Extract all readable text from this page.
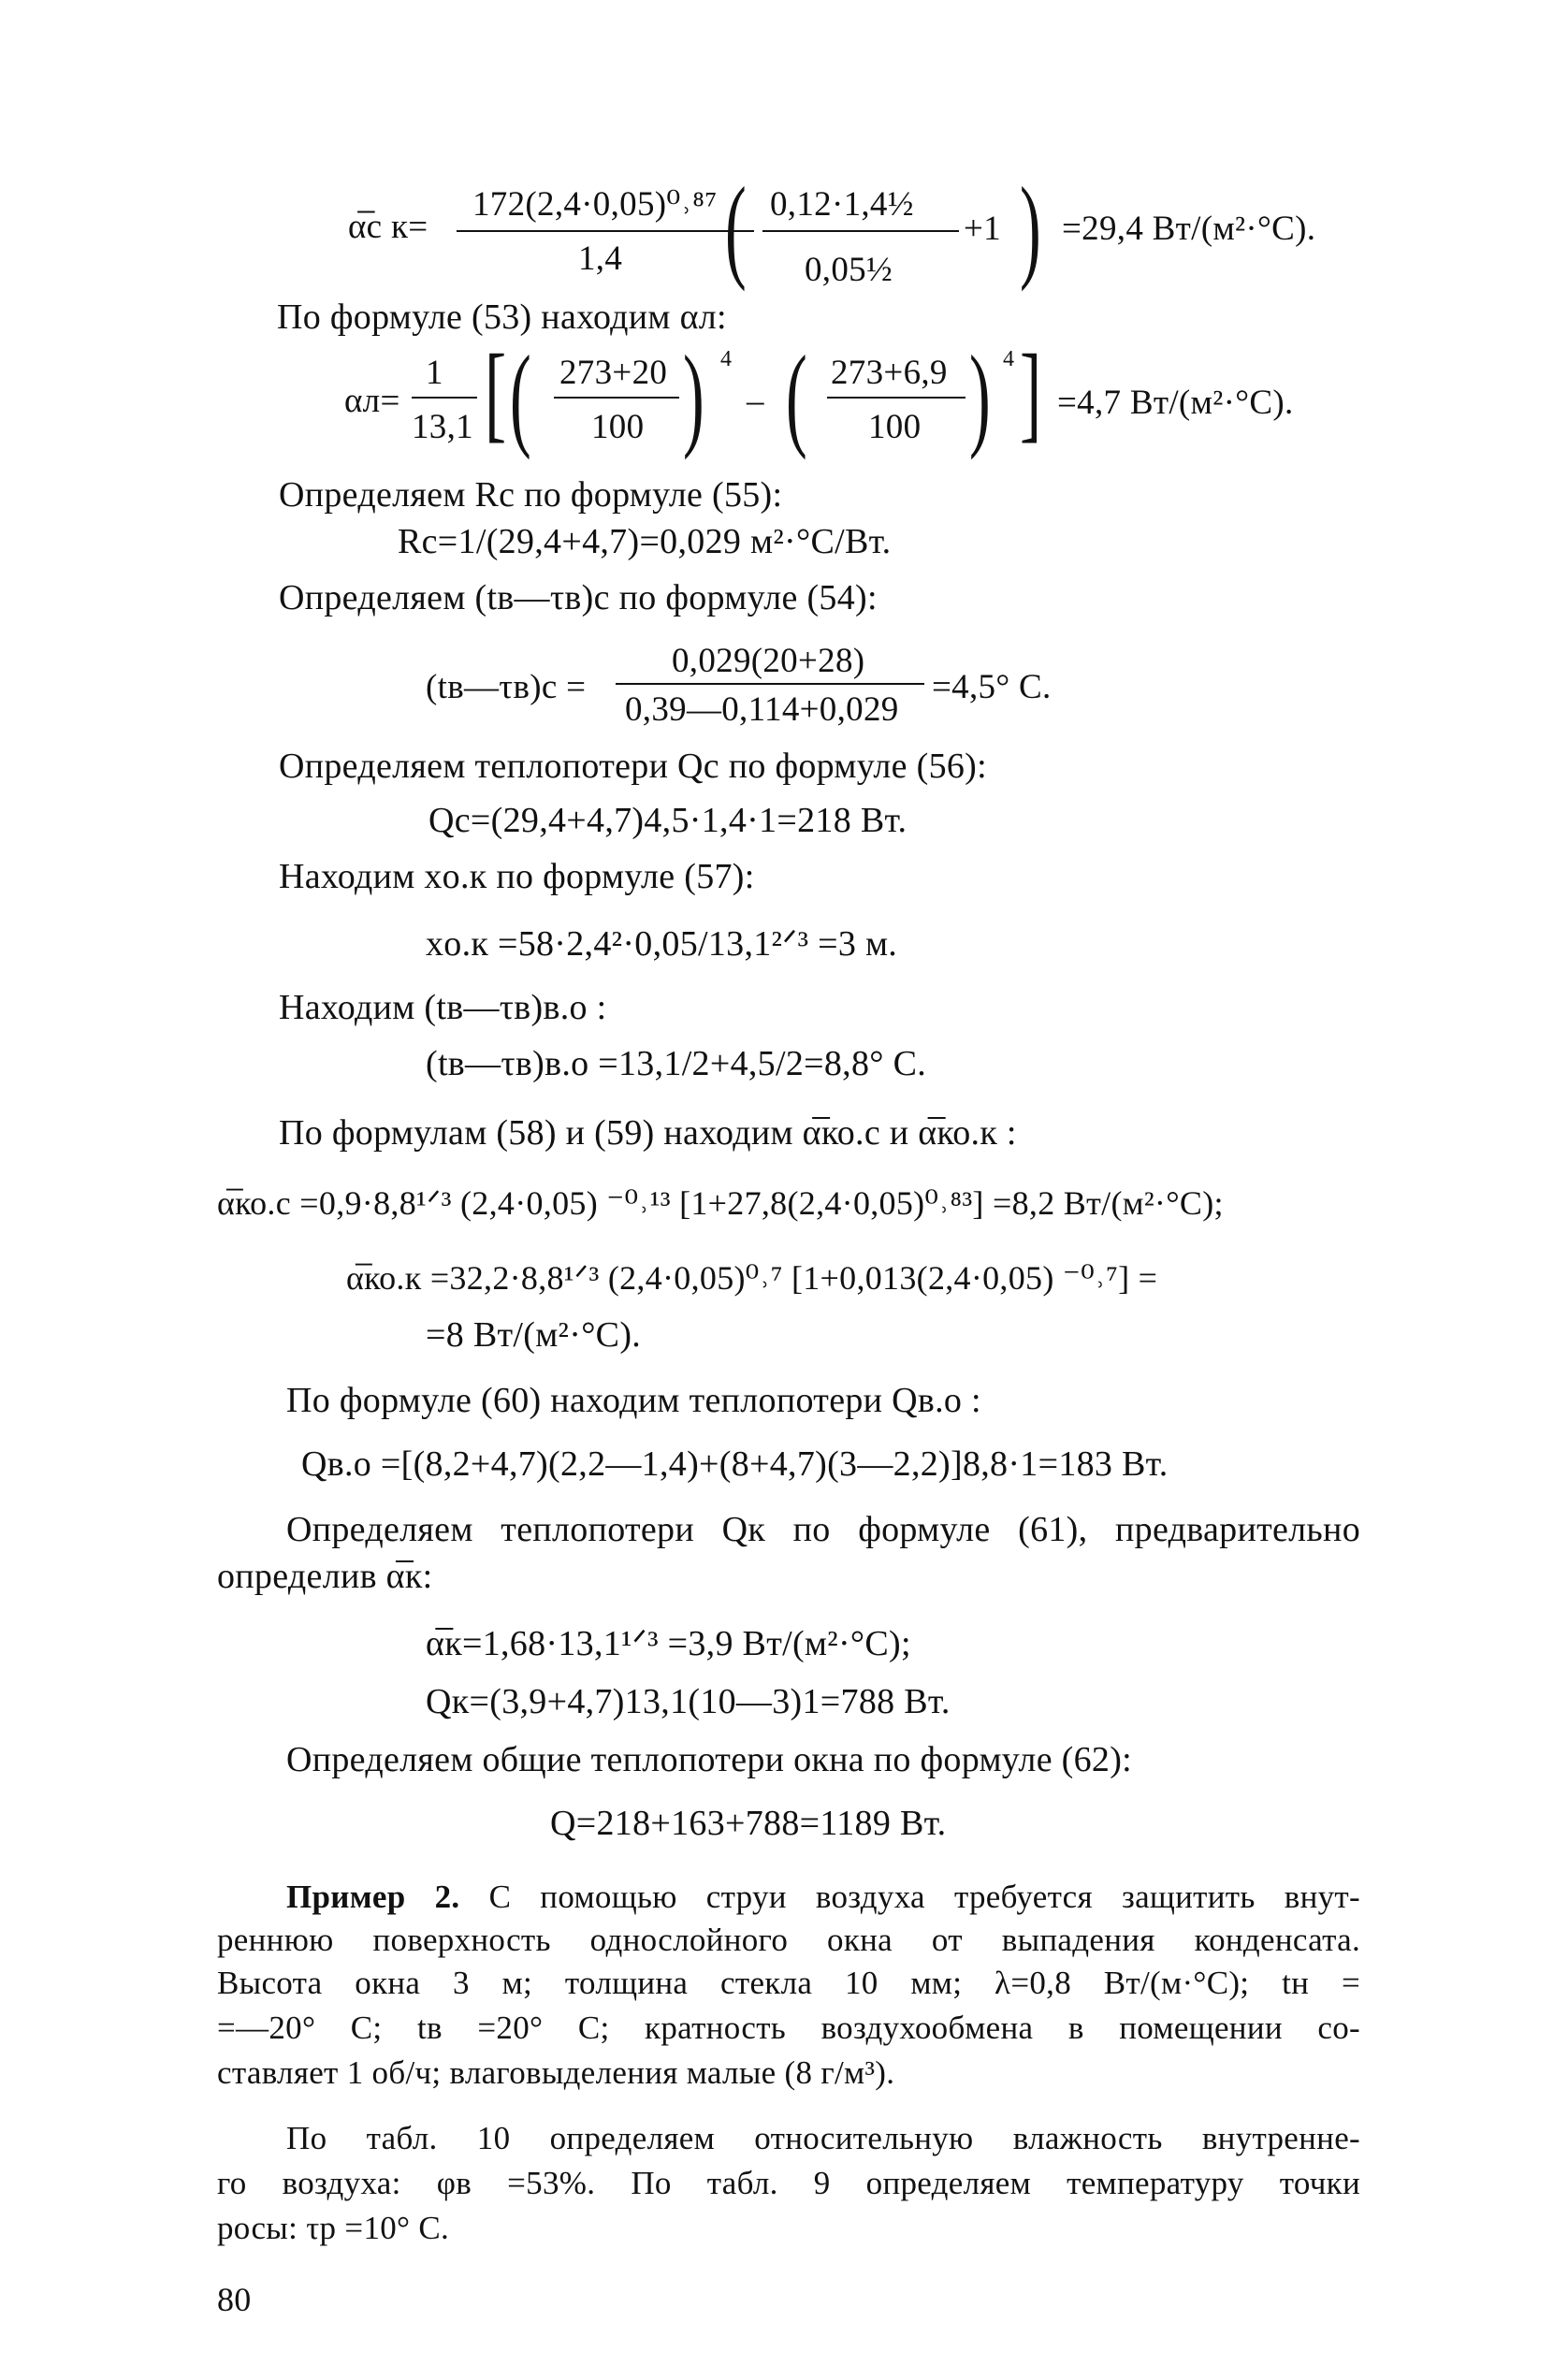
α̅с к=
172(2,4·0,05)⁰˒⁸⁷
1,4 ( 0,12·1,4½
0,05½
+1 ) =29,4 Вт/(м²·°С).
По формуле (53) находим αл:
αл=
1
13,1 [ ( 273+20
100 ) 4
– ( 273+6,9
100 ) 4 ] =4,7 Вт/(м²·°С).
Определяем Rс по формуле (55):
Rс=1/(29,4+4,7)=0,029 м²·°С/Вт.
Определяем (tв—τв)с по формуле (54):
(tв—τв)с =
0,029(20+28)
0,39—0,114+0,029
=4,5° С.
Определяем теплопотери Qс по формуле (56):
Qс=(29,4+4,7)4,5·1,4·1=218 Вт.
Находим xо.к по формуле (57):
xо.к =58·2,4²·0,05/13,1²ᐟ³ =3 м.
Находим (tв—τв)в.о :
(tв—τв)в.о =13,1/2+4,5/2=8,8° С.
По формулам (58) и (59) находим α̅ко.с и α̅ко.к :
α̅ко.с =0,9·8,8¹ᐟ³ (2,4·0,05) ⁻⁰˒¹³ [1+27,8(2,4·0,05)⁰˒⁸³] =8,2 Вт/(м²·°С);
α̅ко.к =32,2·8,8¹ᐟ³ (2,4·0,05)⁰˒⁷ [1+0,013(2,4·0,05) ⁻⁰˒⁷] =
=8 Вт/(м²·°С).
По формуле (60) находим теплопотери Qв.о :
Qв.о =[(8,2+4,7)(2,2—1,4)+(8+4,7)(3—2,2)]8,8·1=183 Вт.
Определяем теплопотери Qк по формуле (61), предварительно
определив α̅к:
α̅к=1,68·13,1¹ᐟ³ =3,9 Вт/(м²·°С);
Qк=(3,9+4,7)13,1(10—3)1=788 Вт.
Определяем общие теплопотери окна по формуле (62):
Q=218+163+788=1189 Вт.
Пример 2. С помощью струи воздуха требуется защитить внут-
реннюю поверхность однослойного окна от выпадения конденсата.
Высота окна 3 м; толщина стекла 10 мм; λ=0,8 Вт/(м·°С); tн =
=—20° С; tв =20° С; кратность воздухообмена в помещении со-
ставляет 1 об/ч; влаговыделения малые (8 г/м³).
По табл. 10 определяем относительную влажность внутренне-
го воздуха: φв =53%. По табл. 9 определяем температуру точки
росы: τр =10° С.
80
